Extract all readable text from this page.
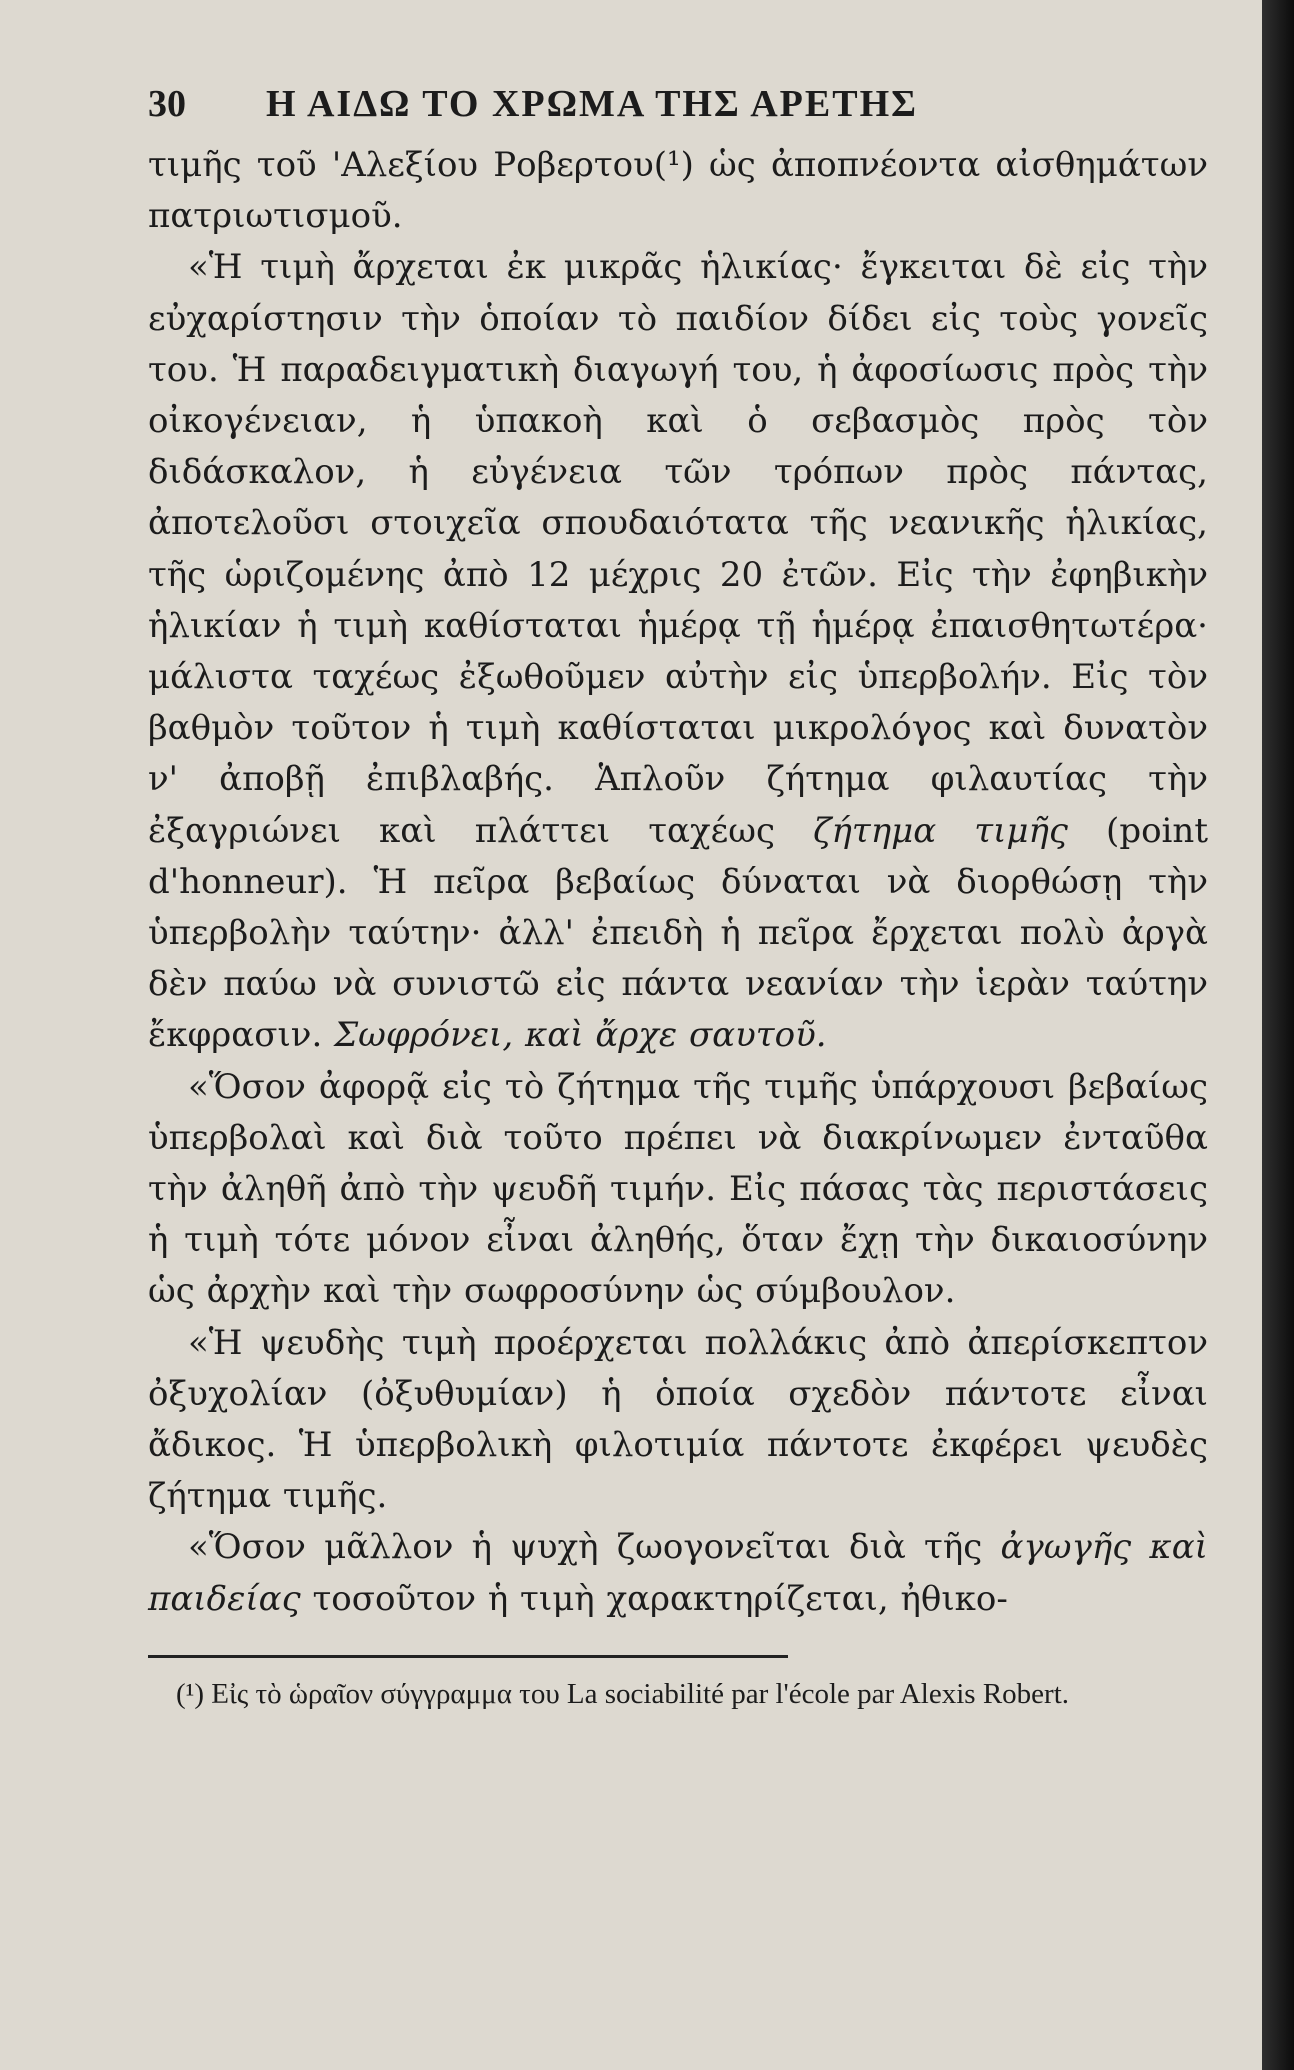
30	Η ΑΙΔΩ ΤΟ ΧΡΩΜΑ ΤΗΣ ΑΡΕΤΗΣ

τιμῆς τοῦ 'Αλεξίου Ροβερτου(¹) ὡς ἀποπνέοντα αἰσθημάτων πατριωτισμοῦ.

«Ἡ τιμὴ ἄρχεται ἐκ μικρᾶς ἡλικίας· ἔγκειται δὲ εἰς τὴν εὐχαρίστησιν τὴν ὁποίαν τὸ παιδίον δίδει εἰς τοὺς γονεῖς του. Ἡ παραδειγματικὴ διαγωγή του, ἡ ἀφοσίωσις πρὸς τὴν οἰκογένειαν, ἡ ὑπακοὴ καὶ ὁ σεβασμὸς πρὸς τὸν διδάσκαλον, ἡ εὐγένεια τῶν τρόπων πρὸς πάντας, ἀποτελοῦσι στοιχεῖα σπουδαιότατα τῆς νεανικῆς ἡλικίας, τῆς ὡριζομένης ἀπὸ 12 μέχρις 20 ἐτῶν. Εἰς τὴν ἐφηβικὴν ἡλικίαν ἡ τιμὴ καθίσταται ἡμέρᾳ τῇ ἡμέρᾳ ἐπαισθητωτέρα· μάλιστα ταχέως ἐξωθοῦμεν αὐτὴν εἰς ὑπερβολήν. Εἰς τὸν βαθμὸν τοῦτον ἡ τιμὴ καθίσταται μικρολόγος καὶ δυνατὸν ν' ἀποβῇ ἐπιβλαβής. Ἁπλοῦν ζήτημα φιλαυτίας τὴν ἐξαγριώνει καὶ πλάττει ταχέως ζήτημα τιμῆς (point d'honneur). Ἡ πεῖρα βεβαίως δύναται νὰ διορθώσῃ τὴν ὑπερβολὴν ταύτην· ἀλλ' ἐπειδὴ ἡ πεῖρα ἔρχεται πολὺ ἀργὰ δὲν παύω νὰ συνιστῶ εἰς πάντα νεανίαν τὴν ἱερὰν ταύτην ἔκφρασιν. Σωφρόνει, καὶ ἄρχε σαυτοῦ.

«Ὅσον ἀφορᾷ εἰς τὸ ζήτημα τῆς τιμῆς ὑπάρχουσι βεβαίως ὑπερβολαὶ καὶ διὰ τοῦτο πρέπει νὰ διακρίνωμεν ἐνταῦθα τὴν ἀληθῆ ἀπὸ τὴν ψευδῆ τιμήν. Εἰς πάσας τὰς περιστάσεις ἡ τιμὴ τότε μόνον εἶναι ἀληθής, ὅταν ἔχῃ τὴν δικαιοσύνην ὡς ἀρχὴν καὶ τὴν σωφροσύνην ὡς σύμβουλον.

«Ἡ ψευδὴς τιμὴ προέρχεται πολλάκις ἀπὸ ἀπερίσκεπτον ὀξυχολίαν (ὀξυθυμίαν) ἡ ὁποία σχεδὸν πάντοτε εἶναι ἄδικος. Ἡ ὑπερβολικὴ φιλοτιμία πάντοτε ἐκφέρει ψευδὲς ζήτημα τιμῆς.

«Ὅσον μᾶλλον ἡ ψυχὴ ζωογονεῖται διὰ τῆς ἀγωγῆς καὶ παιδείας τοσοῦτον ἡ τιμὴ χαρακτηρίζεται, ἠθικο-

(¹) Εἰς τὸ ὡραῖον σύγγραμμα του La sociabilité par l'école par Alexis Robert.
